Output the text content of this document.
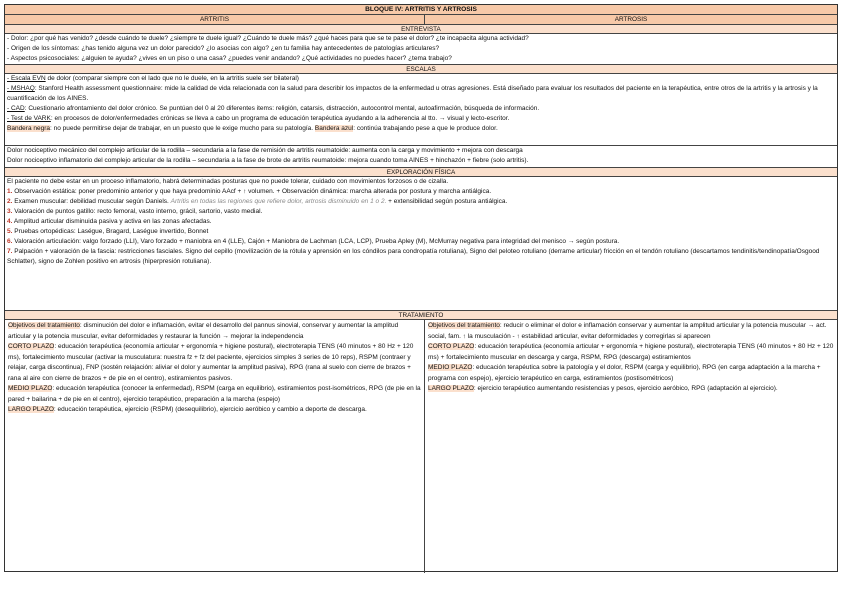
BLOQUE IV: ARTRITIS Y ARTROSIS
ARTRITIS	ARTROSIS
ENTREVISTA

- Dolor: ¿por qué has venido? ¿desde cuándo te duele? ¿siempre te duele igual? ¿Cuándo te duele más? ¿qué haces para que se te pase el dolor? ¿te incapacita alguna actividad?

- Origen de los síntomas: ¿has tenido alguna vez un dolor parecido? ¿lo asocias con algo? ¿en tu familia hay antecedentes de patologías articulares?

- Aspectos psicosociales: ¿alguien te ayuda? ¿vives en un piso o una casa? ¿puedes venir andando? ¿Qué actividades no puedes hacer? ¿tema trabajo?

ESCALAS

- Escala EVN de dolor (comparar siempre con el lado que no le duele, en la artritis suele ser bilateral)

- MSHAQ: Stanford Health assessment questionnaire: mide la calidad de vida relacionada con la salud para describir los impactos de la enfermedad u otras agresiones. Está diseñado para evaluar los resultados del paciente en la terapéutica, entre otros de la artritis y la artrosis y la cuantificación de los AINES.

- CAD: Cuestionario afrontamiento del dolor crónico. Se puntúan del 0 al 20 diferentes items: religión, catarsis, distracción, autocontrol mental, autoafirmación, búsqueda de información.

- Test de VARK: en procesos de dolor/enfermedades crónicas se lleva a cabo un programa de educación terapéutica ayudando a la adherencia al tto. → visual y lecto-escritor.

Bandera negra: no puede permitirse dejar de trabajar, en un puesto que le exige mucho para su patología. Bandera azul: continúa trabajando pese a que le produce dolor.

Dolor nociceptivo mecánico del complejo articular de la rodilla – secundaria a la fase de remisión de artritis reumatoide: aumenta con la carga y movimiento + mejora con descarga

Dolor nociceptivo inflamatorio del complejo articular de la rodilla – secundaria a la fase de brote de artritis reumatoide: mejora cuando toma AINES + hinchazón + fiebre (solo artritis).

EXPLORACIÓN FÍSICA

El paciente no debe estar en un proceso inflamatorio, habrá determinadas posturas que no puede tolerar, cuidado con movimientos forzosos o de cizalla.

1. Observación estática: poner predominio anterior y que haya predominio AAcf + ↑ volumen. + Observación dinámica: marcha alterada por postura y marcha antiálgica.

2. Examen muscular: debilidad muscular según Daniels. Artritis en todas las regiones que refiere dolor, artrosis disminuido en 1 o 2. + extensibilidad según postura antiálgica.

3. Valoración de puntos gatillo: recto femoral, vasto interno, grácil, sartorio, vasto medial.

4. Amplitud articular disminuida pasiva y activa en las zonas afectadas.

5. Pruebas ortopédicas: Laségue, Bragard, Laségue invertido, Bonnet

6. Valoración articulación: valgo forzado (LLI), Varo forzado + maniobra en 4 (LLE), Cajón + Maniobra de Lachman (LCA, LCP), Prueba Apley (M), McMurray negativa para integridad del menisco → según postura.

7. Palpación + valoración de la fascia: restricciones fasciales. Signo del cepillo (movilización de la rótula y aprensión en los cóndilos para condropatía rotuliana), Signo del peloteo rotuliano (derrame articular) fricción en el tendón rotuliano (descartamos tendinitis/tendinopatía/Osgood Schlatter), signo de Zohlen positivo en artrosis (hiperpresión rotuliana).

TRATAMIENTO

Objetivos del tratamiento: disminución del dolor e inflamación, evitar el desarrollo del pannus sinovial, conservar y aumentar la amplitud articular y la potencia muscular, evitar deformidades y restaurar la función → mejorar la independencia

CORTO PLAZO: educación terapéutica (economía articular + ergonomía + higiene postural), electroterapia TENS (40 minutos + 80 Hz + 120 ms), fortalecimiento muscular (activar la musculatura: nuestra fz + fz del paciente, ejercicios simples 3 series de 10 reps), RSPM (contraer y relajar, carga discontinua), FNP (sostén relajación: aliviar el dolor y aumentar la amplitud pasiva), RPG (rana al suelo con cierre de brazos + rana al aire con cierre de brazos + de pie en el centro), estiramientos pasivos.

MEDIO PLAZO: educación terapéutica (conocer la enfermedad), RSPM (carga en equilibrio), estiramientos post-isométricos, RPG (de pie en la pared + bailarina + de pie en el centro), ejercicio terapéutico, preparación a la marcha (espejo)

LARGO PLAZO: educación terapéutica, ejercicio (RSPM) (desequilibrio), ejercicio aeróbico y cambio a deporte de descarga.

Objetivos del tratamiento: reducir o eliminar el dolor e inflamación conservar y aumentar la amplitud articular y la potencia muscular → act. social, fam. ↑ la musculación - ↑ estabilidad articular, evitar deformidades y corregirlas si aparecen

CORTO PLAZO: educación terapéutica (economía articular + ergonomía + higiene postural), electroterapia TENS (40 minutos + 80 Hz + 120 ms) + fortalecimiento muscular en descarga y carga, RSPM, RPG (descarga) estiramientos

MEDIO PLAZO: educación terapéutica sobre la patología y el dolor, RSPM (carga y equilibrio), RPG (en carga adaptación a la marcha + programa con espejo), ejercicio terapéutico en carga, estiramientos (postisométricos)

LARGO PLAZO: ejercicio terapéutico aumentando resistencias y pesos, ejercicio aeróbico, RPG (adaptación al ejercicio).
